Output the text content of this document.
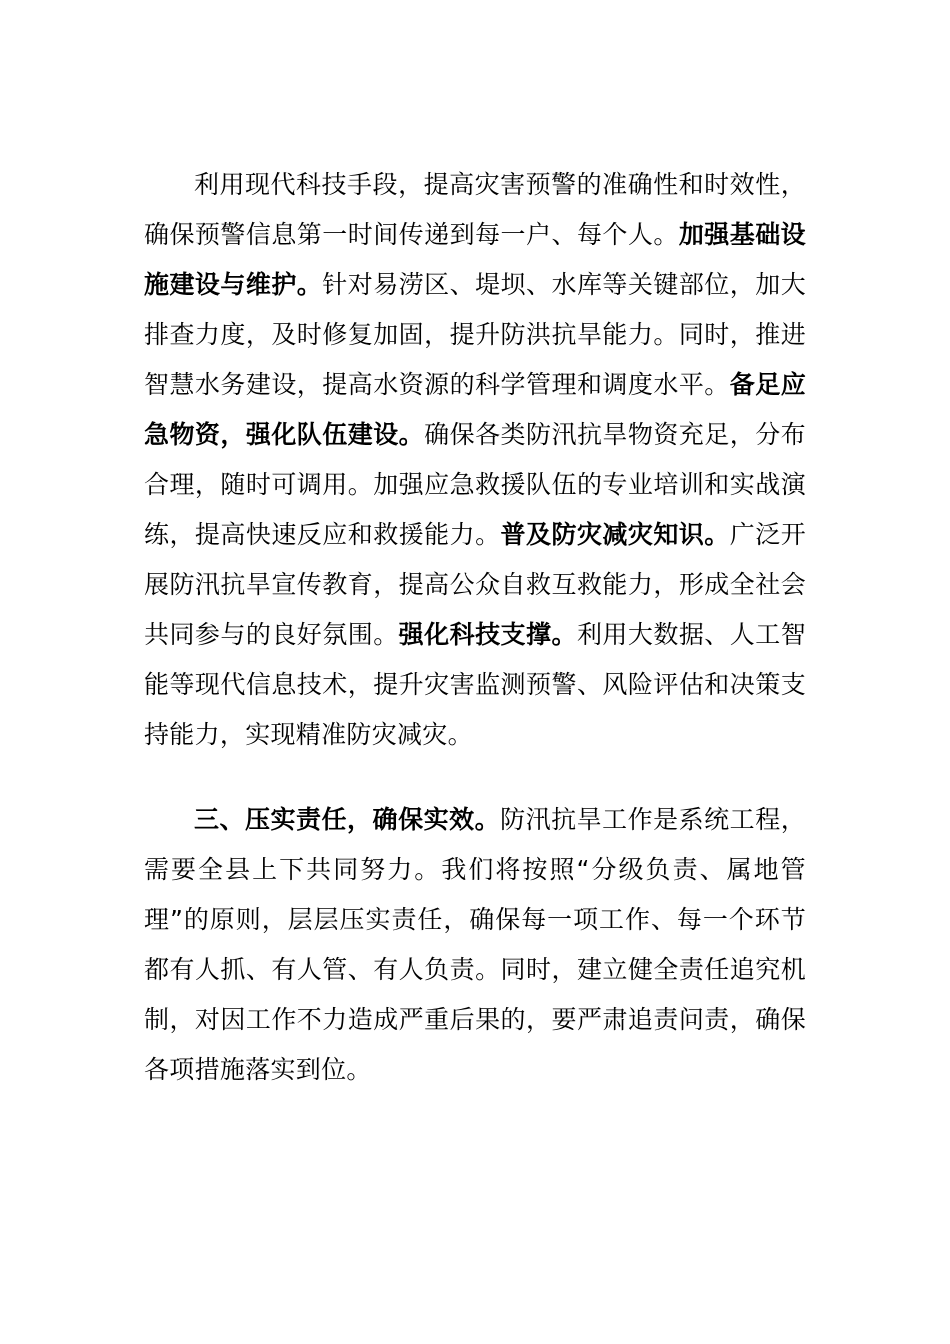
利用现代科技手段，提高灾害预警的准确性和时效性，确保预警信息第一时间传递到每一户、每个人。加强基础设施建设与维护。针对易涝区、堤坝、水库等关键部位，加大排查力度，及时修复加固，提升防洪抗旱能力。同时，推进智慧水务建设，提高水资源的科学管理和调度水平。备足应急物资，强化队伍建设。确保各类防汛抗旱物资充足，分布合理，随时可调用。加强应急救援队伍的专业培训和实战演练，提高快速反应和救援能力。普及防灾减灾知识。广泛开展防汛抗旱宣传教育，提高公众自救互救能力，形成全社会共同参与的良好氛围。强化科技支撑。利用大数据、人工智能等现代信息技术，提升灾害监测预警、风险评估和决策支持能力，实现精准防灾减灾。

三、压实责任，确保实效。防汛抗旱工作是系统工程，需要全县上下共同努力。我们将按照“分级负责、属地管理”的原则，层层压实责任，确保每一项工作、每一个环节都有人抓、有人管、有人负责。同时，建立健全责任追究机制，对因工作不力造成严重后果的，要严肃追责问责，确保各项措施落实到位。
